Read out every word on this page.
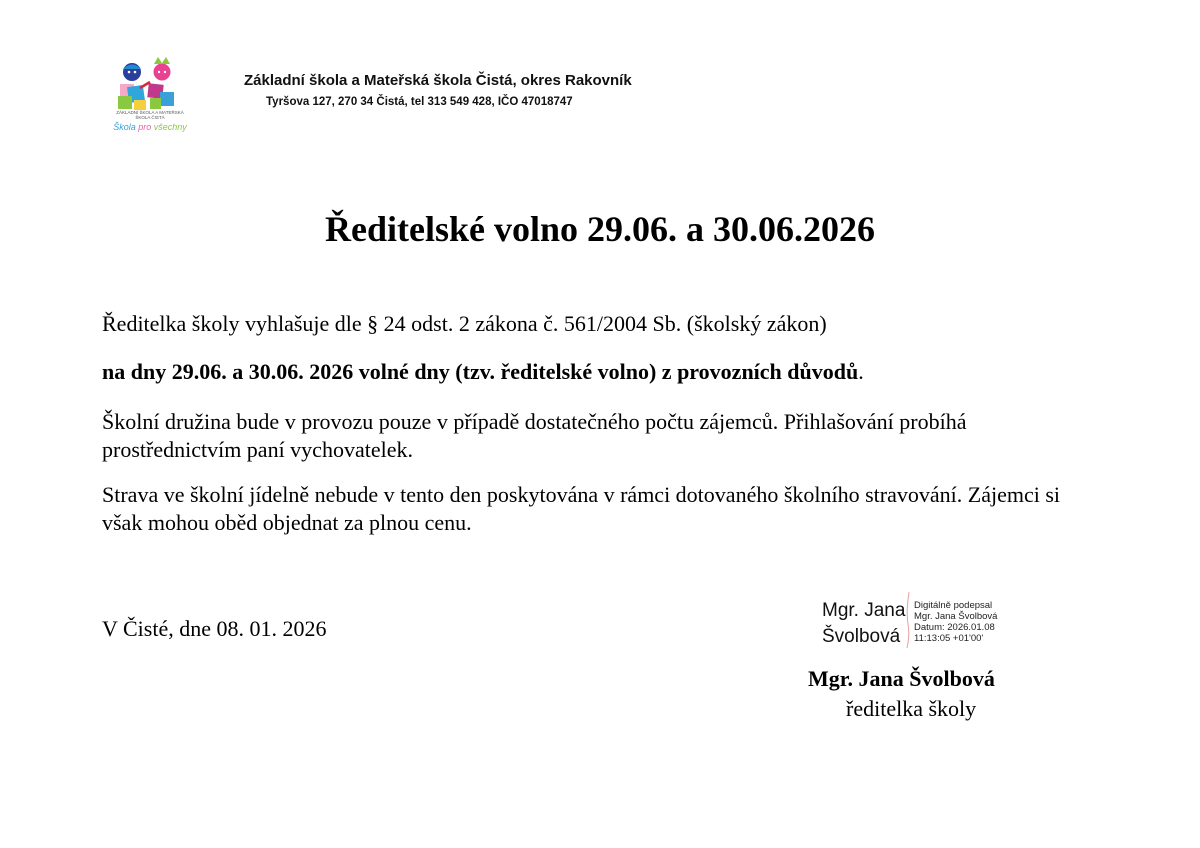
ZÁKLADNÍ ŠKOLA A MATEŘSKÁ ŠKOLA ČISTÁ
Škola pro všechny
Základní škola a Mateřská škola Čistá, okres Rakovník
Tyršova 127, 270 34 Čistá, tel 313 549 428, IČO 47018747
Ředitelské volno 29.06. a 30.06.2026

Ředitelka školy vyhlašuje dle § 24 odst. 2 zákona č. 561/2004 Sb. (školský zákon)

na dny 29.06. a 30.06. 2026 volné dny (tzv. ředitelské volno) z provozních důvodů.

Školní družina bude v provozu pouze v případě dostatečného počtu zájemců. Přihlašování probíhá prostřednictvím paní vychovatelek.

Strava ve školní jídelně nebude v tento den poskytována v rámci dotovaného školního stravování. Zájemci si však mohou oběd objednat za plnou cenu.

V Čisté, dne 08. 01. 2026
Mgr. Jana
Švolbová
Digitálně podepsal
Mgr. Jana Švolbová
Datum: 2026.01.08
11:13:05 +01'00'
Mgr. Jana Švolbová
ředitelka školy
